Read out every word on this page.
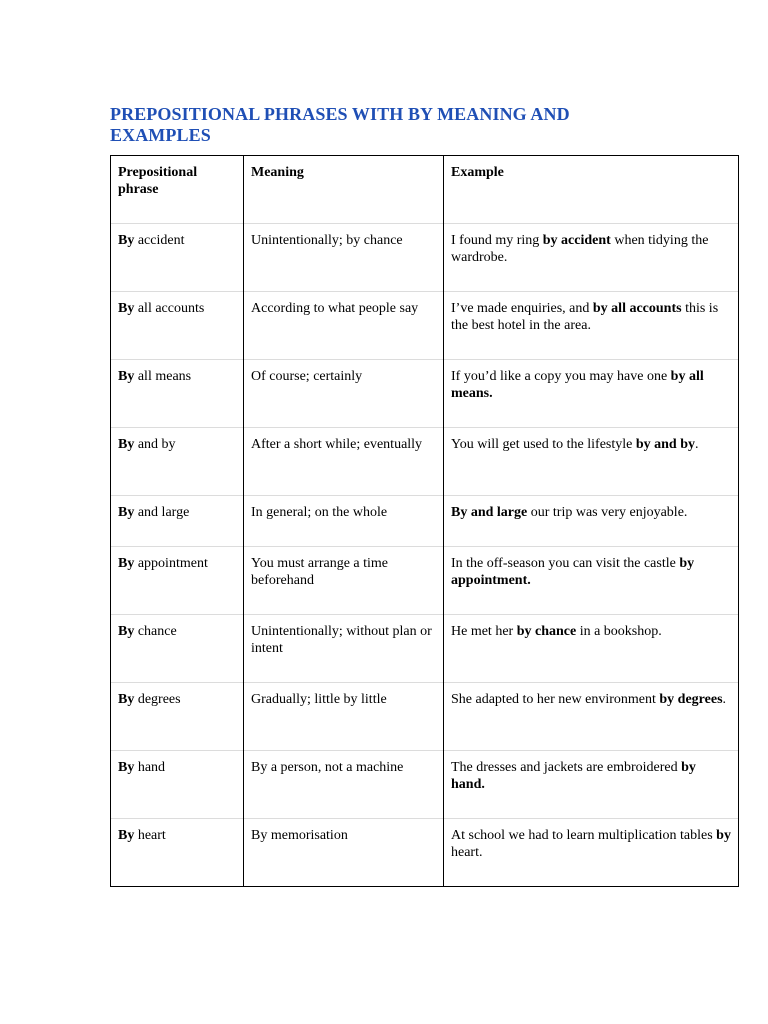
PREPOSITIONAL PHRASES WITH BY MEANING AND EXAMPLES
Prepositional phrase	Meaning	Example
By accident	Unintentionally; by chance	I found my ring by accident when tidying the wardrobe.
By all accounts	According to what people say	I’ve made enquiries, and by all accounts this is the best hotel in the area.
By all means	Of course; certainly	If you’d like a copy you may have one by all means.
By and by	After a short while; eventually	You will get used to the lifestyle by and by.
By and large	In general; on the whole	By and large our trip was very enjoyable.
By appointment	You must arrange a time beforehand	In the off-season you can visit the castle by appointment.
By chance	Unintentionally; without plan or intent	He met her by chance in a bookshop.
By degrees	Gradually; little by little	She adapted to her new environment by degrees.
By hand	By a person, not a machine	The dresses and jackets are embroidered by hand.
By heart	By memorisation	At school we had to learn multiplication tables by heart.
